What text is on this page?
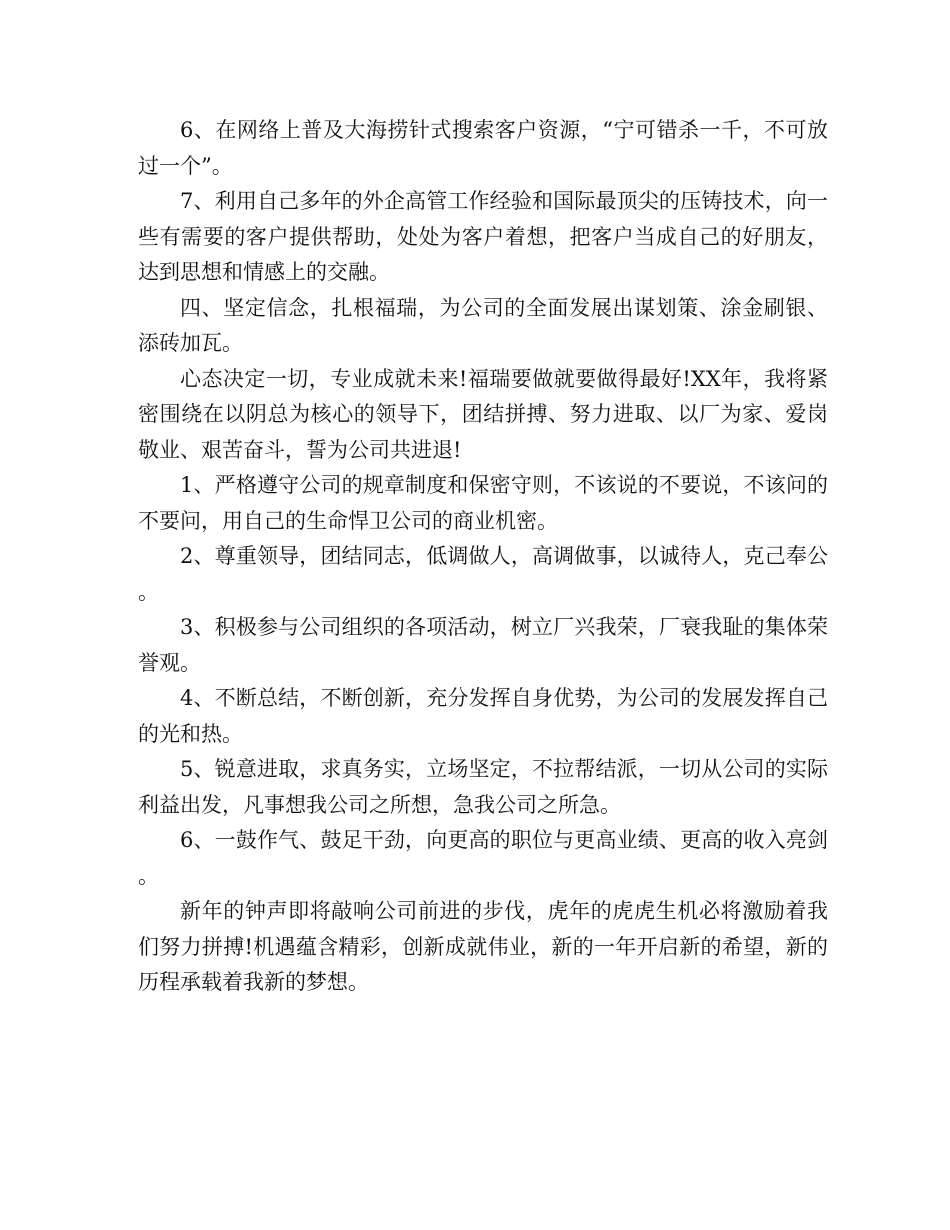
6、在网络上普及大海捞针式搜索客户资源，“宁可错杀一千，不可放过一个”。

7、利用自己多年的外企高管工作经验和国际最顶尖的压铸技术，向一些有需要的客户提供帮助，处处为客户着想，把客户当成自己的好朋友，达到思想和情感上的交融。

四、坚定信念，扎根福瑞，为公司的全面发展出谋划策、涂金刷银、添砖加瓦。

心态决定一切，专业成就未来!福瑞要做就要做得最好!XX年，我将紧密围绕在以阴总为核心的领导下，团结拼搏、努力进取、以厂为家、爱岗敬业、艰苦奋斗，誓为公司共进退!

1、严格遵守公司的规章制度和保密守则，不该说的不要说，不该问的不要问，用自己的生命悍卫公司的商业机密。

2、尊重领导，团结同志，低调做人，高调做事，以诚待人，克己奉公。

3、积极参与公司组织的各项活动，树立厂兴我荣，厂衰我耻的集体荣誉观。

4、不断总结，不断创新，充分发挥自身优势，为公司的发展发挥自己的光和热。

5、锐意进取，求真务实，立场坚定，不拉帮结派，一切从公司的实际利益出发，凡事想我公司之所想，急我公司之所急。

6、一鼓作气、鼓足干劲，向更高的职位与更高业绩、更高的收入亮剑。

新年的钟声即将敲响公司前进的步伐，虎年的虎虎生机必将激励着我们努力拼搏!机遇蕴含精彩，创新成就伟业，新的一年开启新的希望，新的历程承载着我新的梦想。
